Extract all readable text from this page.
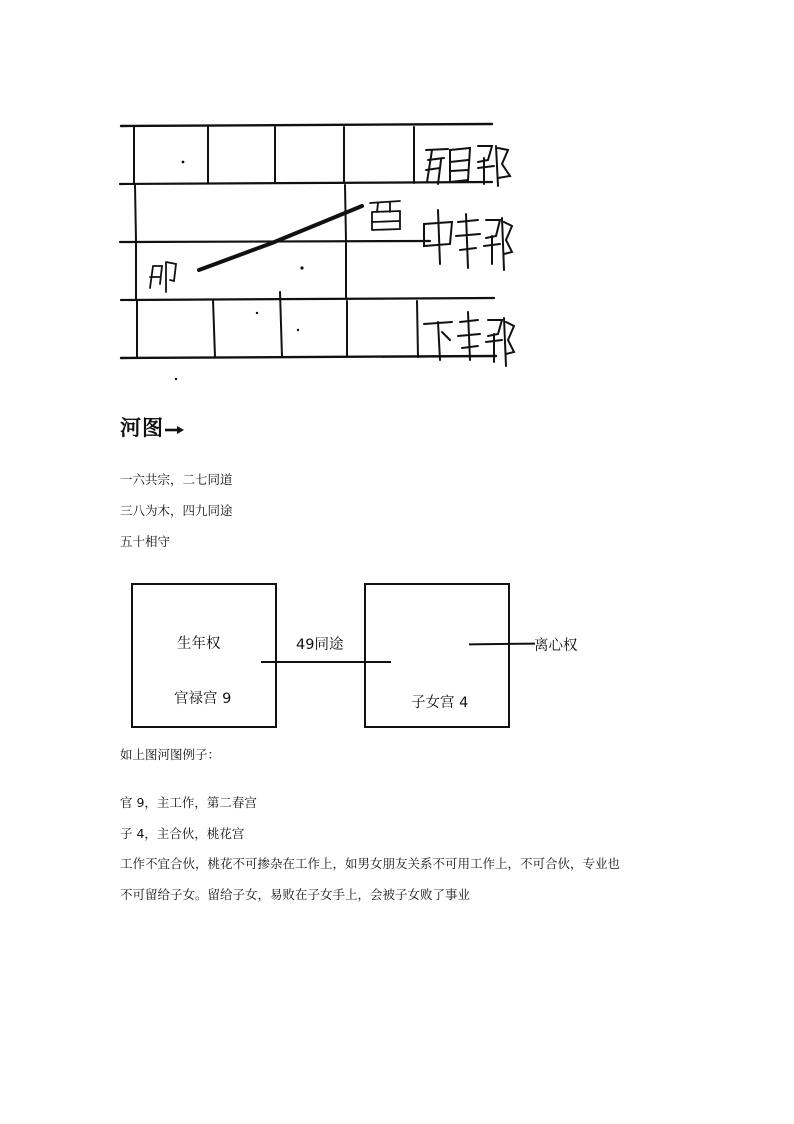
河图
一六共宗，二七同道
三八为木，四九同途
五十相守
生年权
官禄宫 9
49同途
子女宫 4
离心权
如上图河图例子：
官 9，主工作，第二春宫
子 4，主合伙，桃花宫
工作不宜合伙，桃花不可掺杂在工作上，如男女朋友关系不可用工作上，不可合伙，专业也
不可留给子女。留给子女，易败在子女手上，会被子女败了事业
